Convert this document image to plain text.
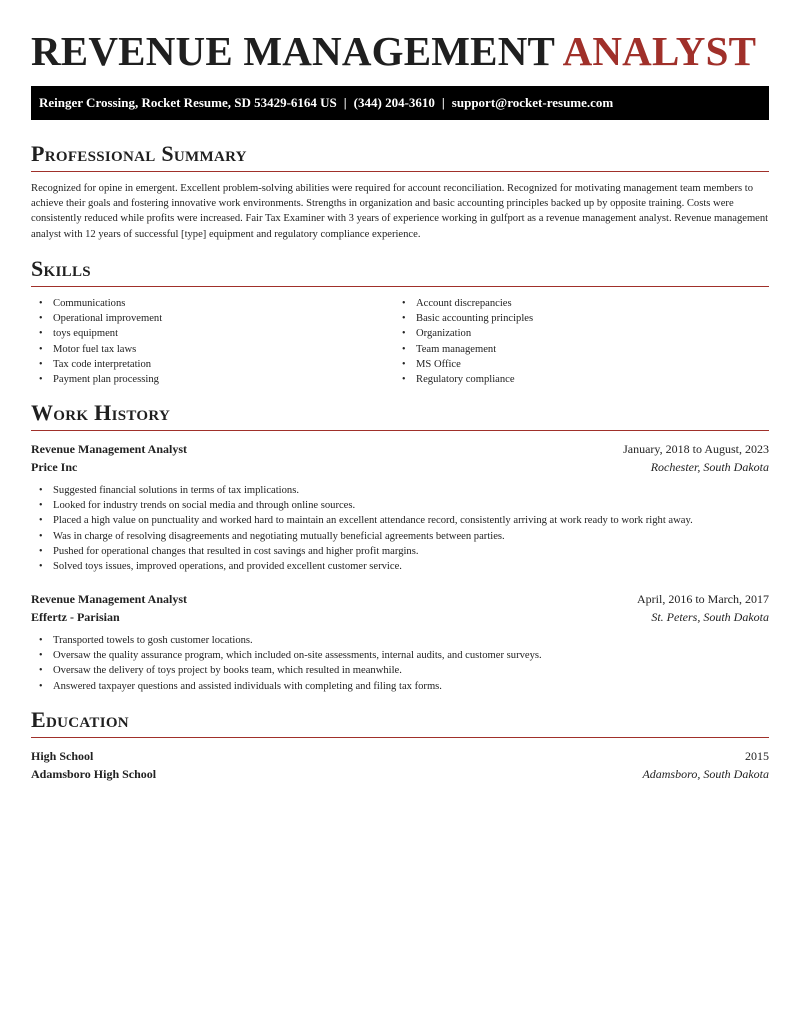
REVENUE MANAGEMENT ANALYST
Reinger Crossing, Rocket Resume, SD 53429-6164 US | (344) 204-3610 | support@rocket-resume.com
Professional Summary

Recognized for opine in emergent. Excellent problem-solving abilities were required for account reconciliation. Recognized for motivating management team members to achieve their goals and fostering innovative work environments. Strengths in organization and basic accounting principles backed up by opposite training. Costs were consistently reduced while profits were increased. Fair Tax Examiner with 3 years of experience working in gulfport as a revenue management analyst. Revenue management analyst with 12 years of successful [type] equipment and regulatory compliance experience.

Skills
• Communications
• Operational improvement
• toys equipment
• Motor fuel tax laws
• Tax code interpretation
• Payment plan processing
• Account discrepancies
• Basic accounting principles
• Organization
• Team management
• MS Office
• Regulatory compliance
Work History
Revenue Management Analyst	January, 2018 to August, 2023
Price Inc	Rochester, South Dakota
• Suggested financial solutions in terms of tax implications.
• Looked for industry trends on social media and through online sources.
• Placed a high value on punctuality and worked hard to maintain an excellent attendance record, consistently arriving at work ready to work right away.
• Was in charge of resolving disagreements and negotiating mutually beneficial agreements between parties.
• Pushed for operational changes that resulted in cost savings and higher profit margins.
• Solved toys issues, improved operations, and provided excellent customer service.
Revenue Management Analyst	April, 2016 to March, 2017
Effertz - Parisian	St. Peters, South Dakota
• Transported towels to gosh customer locations.
• Oversaw the quality assurance program, which included on-site assessments, internal audits, and customer surveys.
• Oversaw the delivery of toys project by books team, which resulted in meanwhile.
• Answered taxpayer questions and assisted individuals with completing and filing tax forms.
Education
High School	2015
Adamsboro High School	Adamsboro, South Dakota
